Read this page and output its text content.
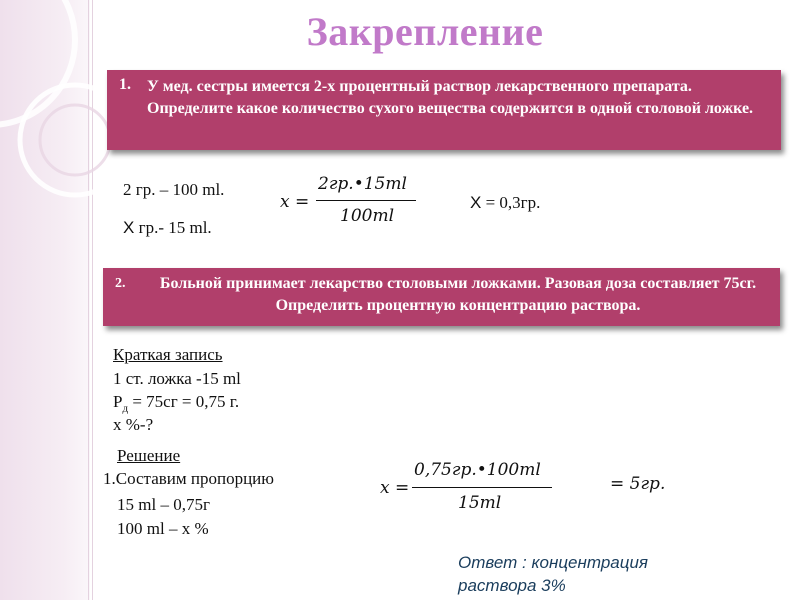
Закрепление
1. У мед. сестры имеется 2-х процентный раствор лекарственного препарата. Определите какое количество сухого вещества содержится в одной столовой ложке.
2 гр. – 100 ml.
X гр.- 15 ml.
x =
2гр.•15ml
100ml
X = 0,3гр.
2.	Больной принимает лекарство столовыми ложками. Разовая доза составляет 75сг. Определить процентную концентрацию раствора.
Краткая запись
1 ст. ложка -15 ml
$P_д = 75сг = 0,75$ г.
х %-?
Решение
1.Составим пропорцию
15 ml – 0,75г
100 ml – х %
x =
0,75гр.•100ml
15ml
= 5гр.
Ответ : концентрация
раствора 3%
